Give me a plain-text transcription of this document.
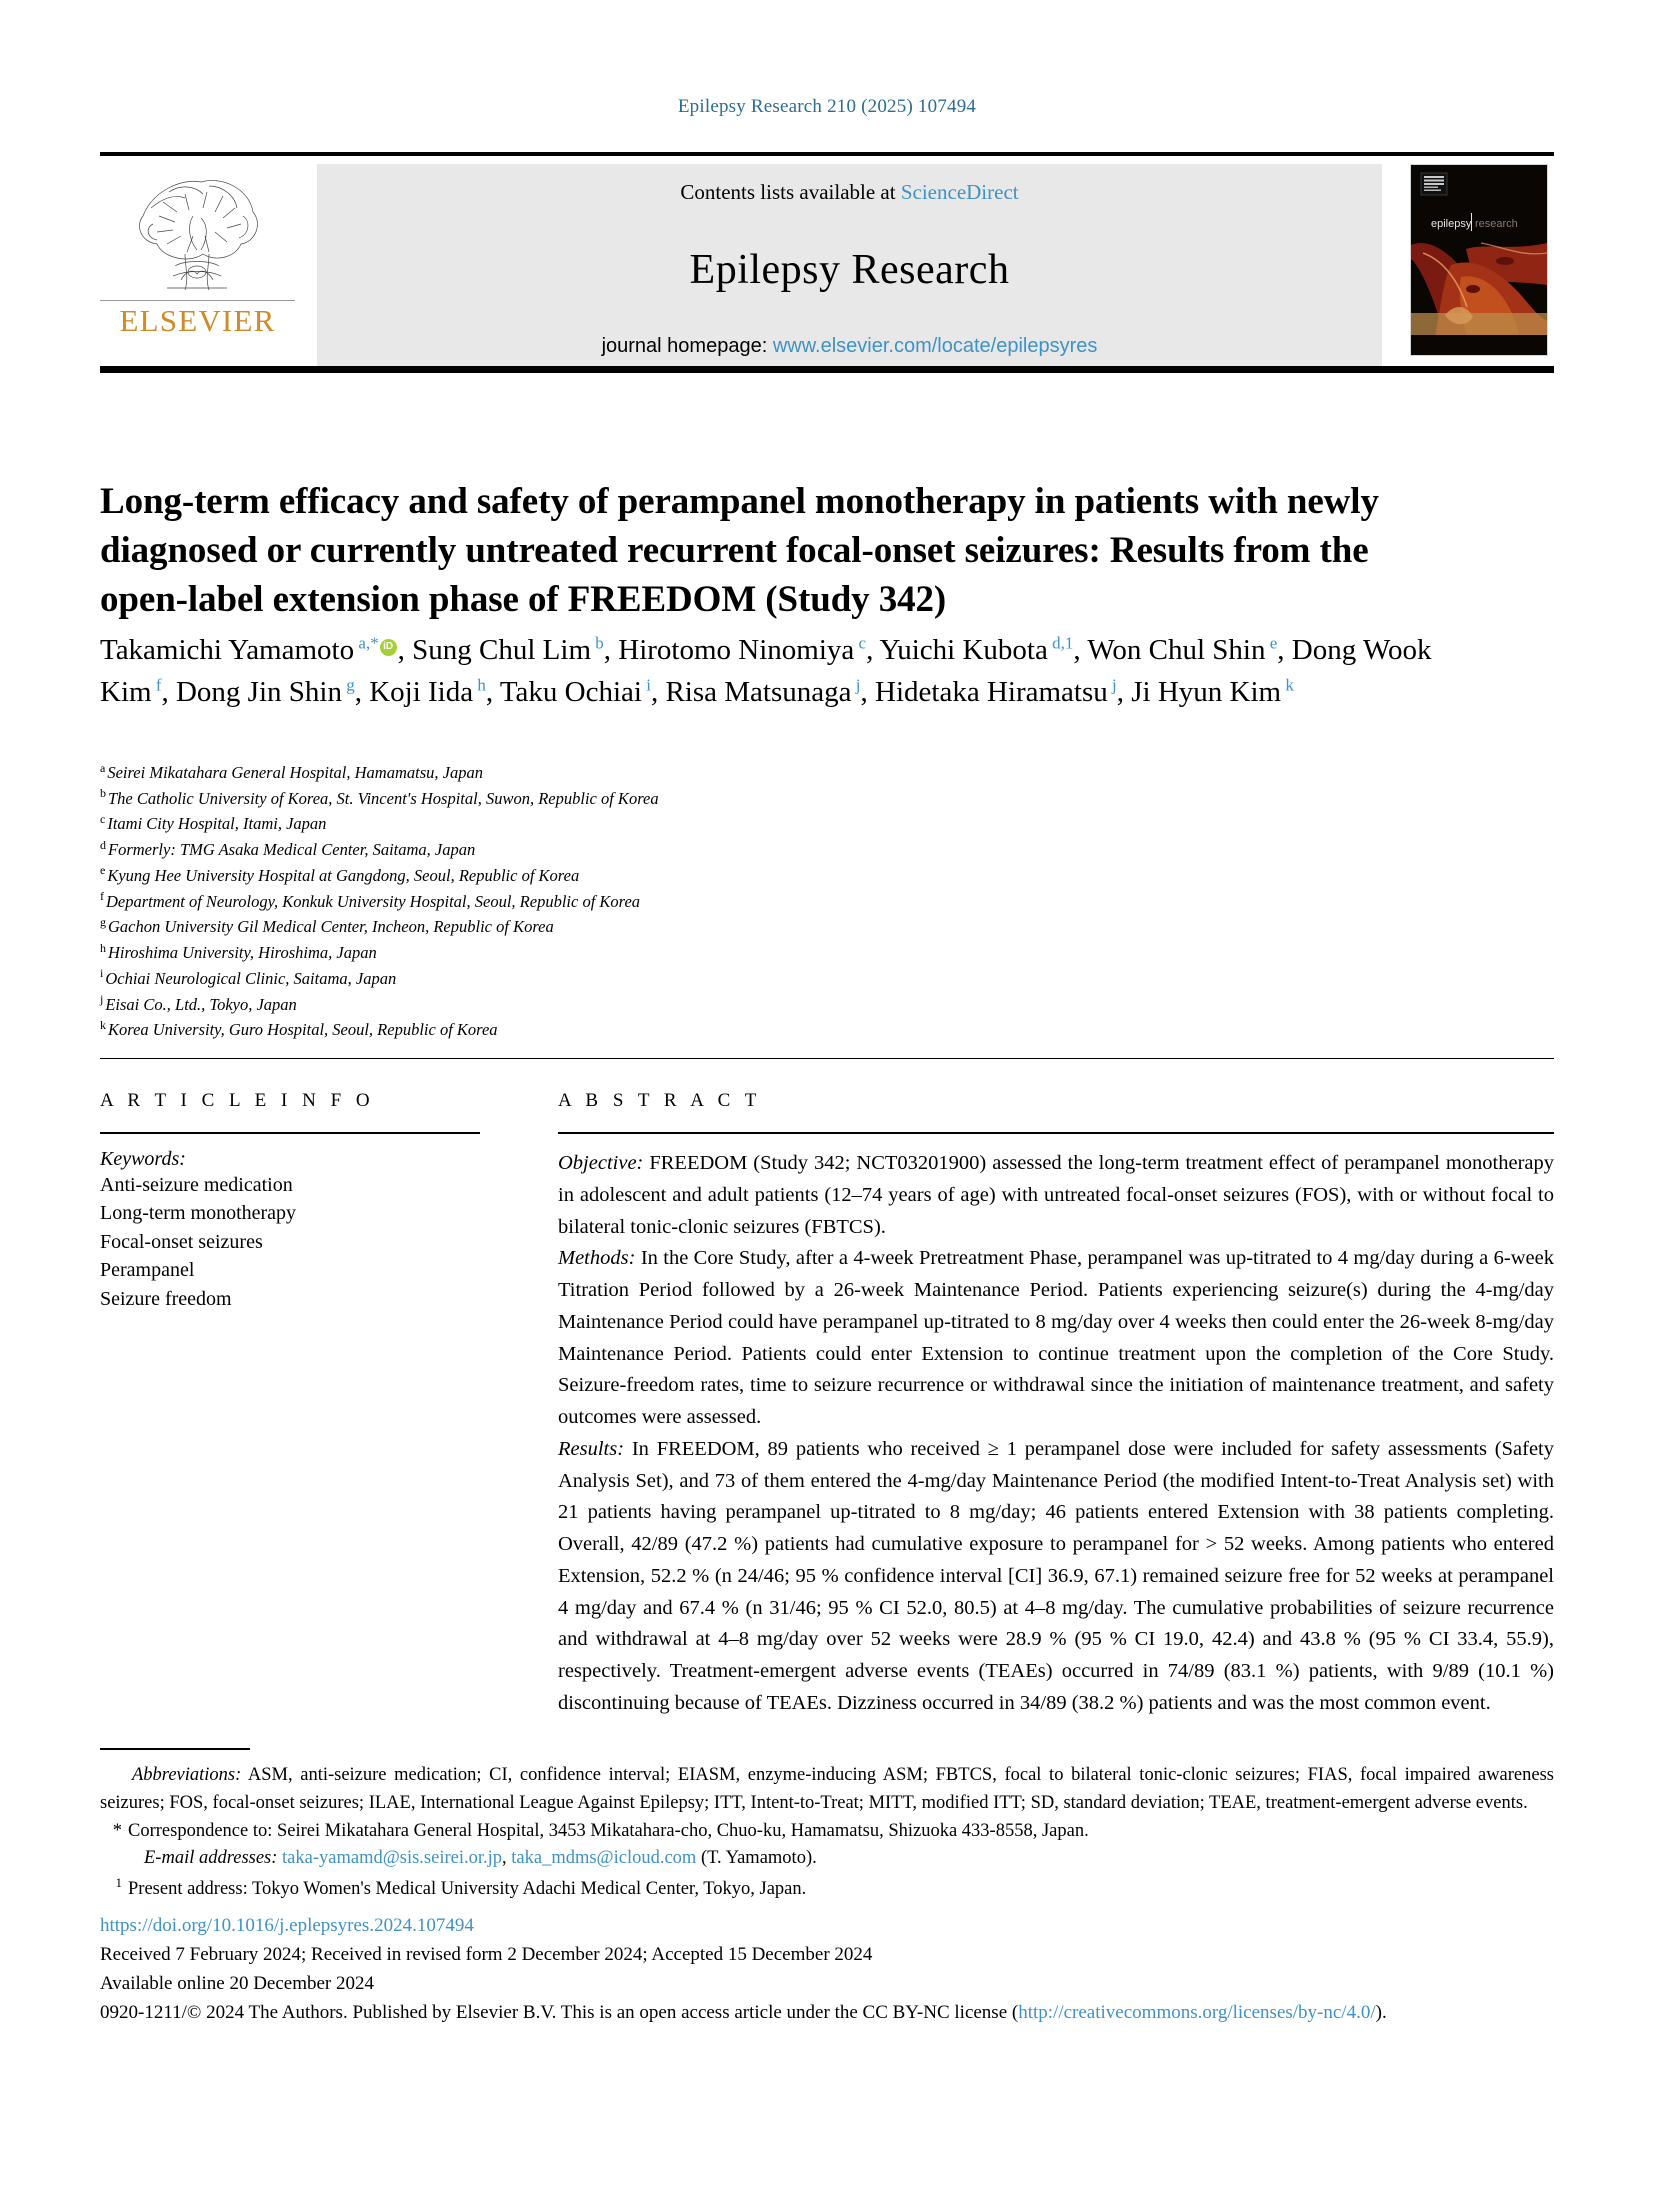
Epilepsy Research 210 (2025) 107494
ELSEVIER
Contents lists available at ScienceDirect
Epilepsy Research
journal homepage: www.elsevier.com/locate/epilepsyres
epilepsy research
Long-term efficacy and safety of perampanel monotherapy in patients with newly diagnosed or currently untreated recurrent focal-onset seizures: Results from the open-label extension phase of FREEDOM (Study 342)
Takamichi Yamamoto $^{a,*}$ iD , Sung Chul Lim $^b$, Hirotomo Ninomiya $^c$, Yuichi Kubota $^{d,1}$, Won Chul Shin $^e$, Dong Wook Kim $^f$, Dong Jin Shin $^g$, Koji Iida $^h$, Taku Ochiai $^i$, Risa Matsunaga $^j$, Hidetaka Hiramatsu $^j$, Ji Hyun Kim $^k$
$^a$ Seirei Mikatahara General Hospital, Hamamatsu, Japan
$^b$ The Catholic University of Korea, St. Vincent's Hospital, Suwon, Republic of Korea
$^c$ Itami City Hospital, Itami, Japan
$^d$ Formerly: TMG Asaka Medical Center, Saitama, Japan
$^e$ Kyung Hee University Hospital at Gangdong, Seoul, Republic of Korea
$^f$ Department of Neurology, Konkuk University Hospital, Seoul, Republic of Korea
$^g$ Gachon University Gil Medical Center, Incheon, Republic of Korea
$^h$ Hiroshima University, Hiroshima, Japan
$^i$ Ochiai Neurological Clinic, Saitama, Japan
$^j$ Eisai Co., Ltd., Tokyo, Japan
$^k$ Korea University, Guro Hospital, Seoul, Republic of Korea
A R T I C L E I N F O
Keywords:
Anti-seizure medication
Long-term monotherapy
Focal-onset seizures
Perampanel
Seizure freedom
A B S T R A C T

Objective: FREEDOM (Study 342; NCT03201900) assessed the long-term treatment effect of perampanel monotherapy in adolescent and adult patients (12–74 years of age) with untreated focal-onset seizures (FOS), with or without focal to bilateral tonic-clonic seizures (FBTCS).

Methods: In the Core Study, after a 4-week Pretreatment Phase, perampanel was up-titrated to 4 mg/day during a 6-week Titration Period followed by a 26-week Maintenance Period. Patients experiencing seizure(s) during the 4-mg/day Maintenance Period could have perampanel up-titrated to 8 mg/day over 4 weeks then could enter the 26-week 8-mg/day Maintenance Period. Patients could enter Extension to continue treatment upon the completion of the Core Study. Seizure-freedom rates, time to seizure recurrence or withdrawal since the initiation of maintenance treatment, and safety outcomes were assessed.

Results: In FREEDOM, 89 patients who received ≥ 1 perampanel dose were included for safety assessments (Safety Analysis Set), and 73 of them entered the 4-mg/day Maintenance Period (the modified Intent-to-Treat Analysis set) with 21 patients having perampanel up-titrated to 8 mg/day; 46 patients entered Extension with 38 patients completing. Overall, 42/89 (47.2 %) patients had cumulative exposure to perampanel for > 52 weeks. Among patients who entered Extension, 52.2 % (n 24/46; 95 % confidence interval [CI] 36.9, 67.1) remained seizure free for 52 weeks at perampanel 4 mg/day and 67.4 % (n 31/46; 95 % CI 52.0, 80.5) at 4–8 mg/day. The cumulative probabilities of seizure recurrence and withdrawal at 4–8 mg/day over 52 weeks were 28.9 % (95 % CI 19.0, 42.4) and 43.8 % (95 % CI 33.4, 55.9), respectively. Treatment-emergent adverse events (TEAEs) occurred in 74/89 (83.1 %) patients, with 9/89 (10.1 %) discontinuing because of TEAEs. Dizziness occurred in 34/89 (38.2 %) patients and was the most common event.

Abbreviations: ASM, anti-seizure medication; CI, confidence interval; EIASM, enzyme-inducing ASM; FBTCS, focal to bilateral tonic-clonic seizures; FIAS, focal impaired awareness seizures; FOS, focal-onset seizures; ILAE, International League Against Epilepsy; ITT, Intent-to-Treat; MITT, modified ITT; SD, standard deviation; TEAE, treatment-emergent adverse events.

* Correspondence to: Seirei Mikatahara General Hospital, 3453 Mikatahara-cho, Chuo-ku, Hamamatsu, Shizuoka 433-8558, Japan.

E-mail addresses: taka-yamamd@sis.seirei.or.jp, taka_mdms@icloud.com (T. Yamamoto).

1 Present address: Tokyo Women's Medical University Adachi Medical Center, Tokyo, Japan.

https://doi.org/10.1016/j.eplepsyres.2024.107494

Received 7 February 2024; Received in revised form 2 December 2024; Accepted 15 December 2024

Available online 20 December 2024

0920-1211/© 2024 The Authors. Published by Elsevier B.V. This is an open access article under the CC BY-NC license (http://creativecommons.org/licenses/by-nc/4.0/).
